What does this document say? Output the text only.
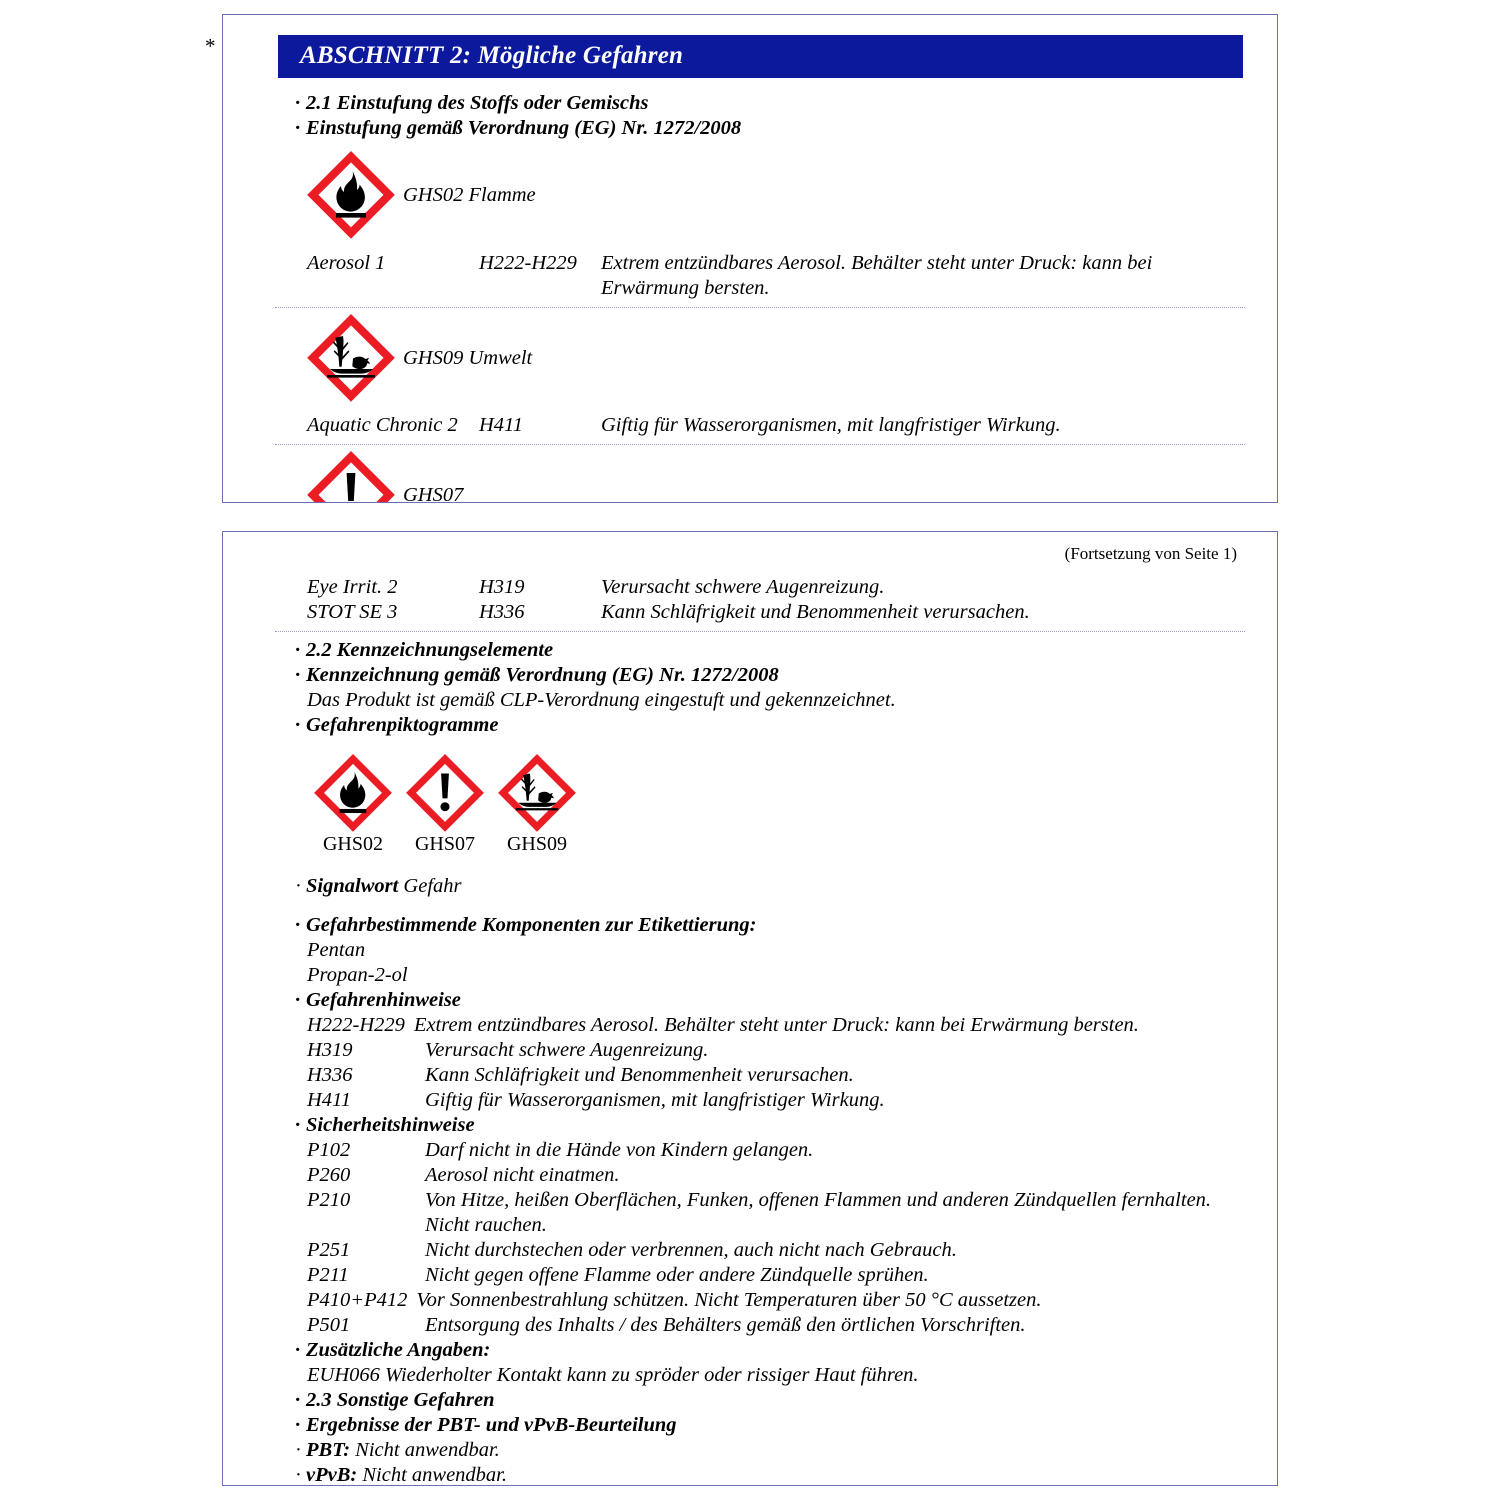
*	ABSCHNITT 2: Mögliche Gefahren
· 2.1 Einstufung des Stoffs oder Gemischs
· Einstufung gemäß Verordnung (EG) Nr. 1272/2008
GHS02 Flamme
Aerosol 1	H222-H229	Extrem entzündbares Aerosol. Behälter steht unter Druck: kann bei
Erwärmung bersten.
GHS09 Umwelt
Aquatic Chronic 2	H411	Giftig für Wasserorganismen, mit langfristiger Wirkung.
GHS07
(Fortsetzung von Seite 1)
Eye Irrit. 2	H319	Verursacht schwere Augenreizung.
STOT SE 3	H336	Kann Schläfrigkeit und Benommenheit verursachen.
· 2.2 Kennzeichnungselemente
· Kennzeichnung gemäß Verordnung (EG) Nr. 1272/2008
Das Produkt ist gemäß CLP-Verordnung eingestuft und gekennzeichnet.
· Gefahrenpiktogramme
GHS02	GHS07	GHS09
· Signalwort Gefahr
· Gefahrbestimmende Komponenten zur Etikettierung:
Pentan
Propan-2-ol
· Gefahrenhinweise
H222-H229 Extrem entzündbares Aerosol. Behälter steht unter Druck: kann bei Erwärmung bersten.
H319	Verursacht schwere Augenreizung.
H336	Kann Schläfrigkeit und Benommenheit verursachen.
H411	Giftig für Wasserorganismen, mit langfristiger Wirkung.
· Sicherheitshinweise
P102	Darf nicht in die Hände von Kindern gelangen.
P260	Aerosol nicht einatmen.
P210	Von Hitze, heißen Oberflächen, Funken, offenen Flammen und anderen Zündquellen fernhalten.
Nicht rauchen.
P251	Nicht durchstechen oder verbrennen, auch nicht nach Gebrauch.
P211	Nicht gegen offene Flamme oder andere Zündquelle sprühen.
P410+P412 Vor Sonnenbestrahlung schützen. Nicht Temperaturen über 50 °C aussetzen.
P501	Entsorgung des Inhalts / des Behälters gemäß den örtlichen Vorschriften.
· Zusätzliche Angaben:
EUH066 Wiederholter Kontakt kann zu spröder oder rissiger Haut führen.
· 2.3 Sonstige Gefahren
· Ergebnisse der PBT- und vPvB-Beurteilung
· PBT: Nicht anwendbar.
· vPvB: Nicht anwendbar.
